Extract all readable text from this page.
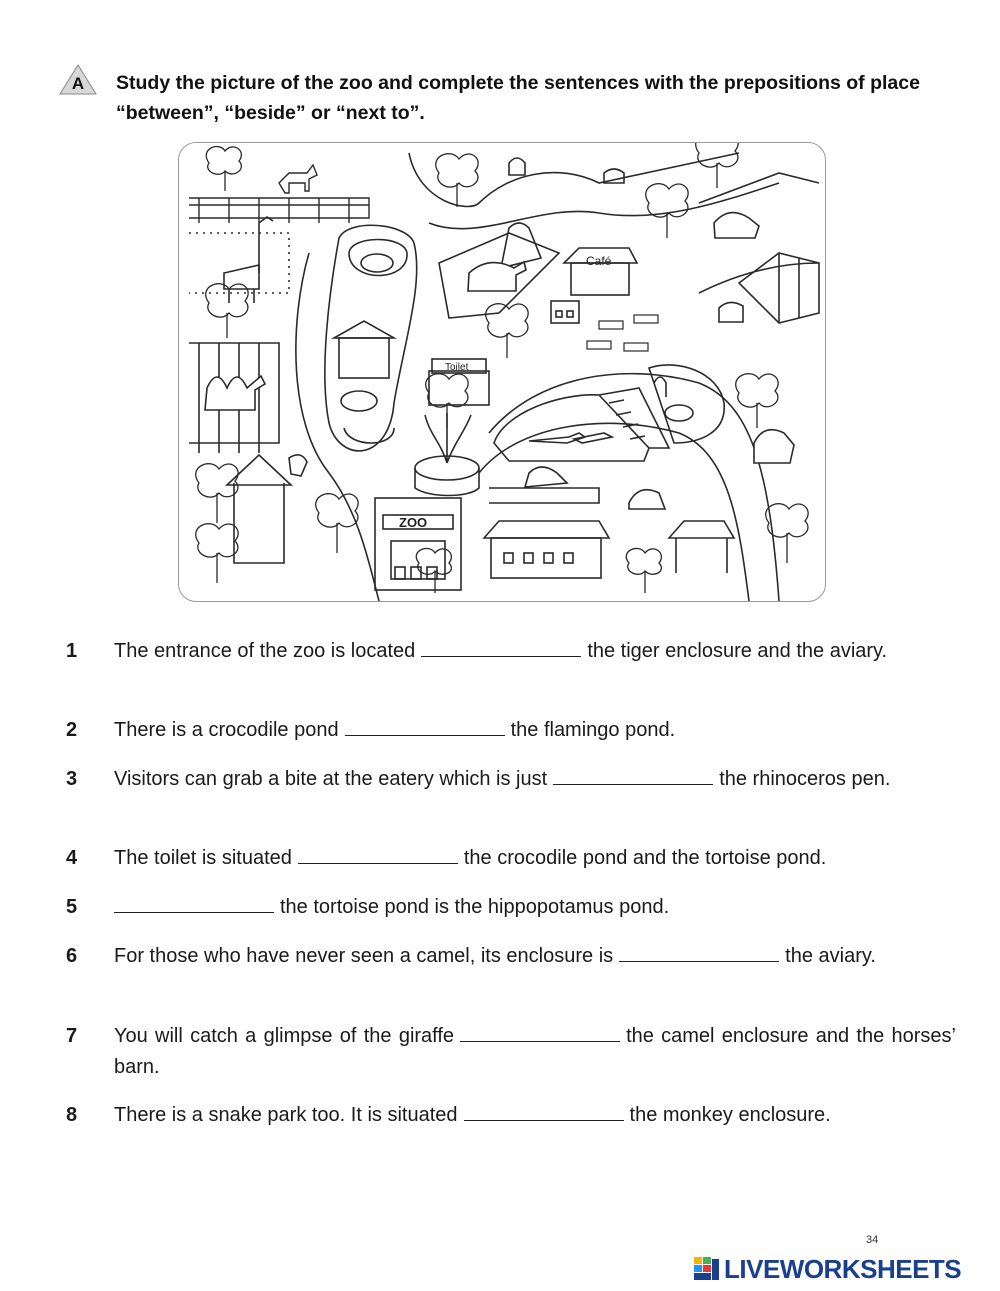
A	Study the picture of the zoo and complete the sentences with the prepositions of place “between”, “beside” or “next to”.
Café
Toilet
ZOO
1	The entrance of the zoo is located	the tiger enclosure and the aviary.
2	There is a crocodile pond	the flamingo pond.
3	Visitors can grab a bite at the eatery which is just	the rhinoceros pen.
4	The toilet is situated	the crocodile pond and the tortoise pond.
5	the tortoise pond is the hippopotamus pond.
6	For those who have never seen a camel, its enclosure is	the aviary.
7	You will catch a glimpse of the giraffe	the camel enclosure and the horses’ barn.
8	There is a snake park too. It is situated	the monkey enclosure.
34
LIVEWORKSHEETS
